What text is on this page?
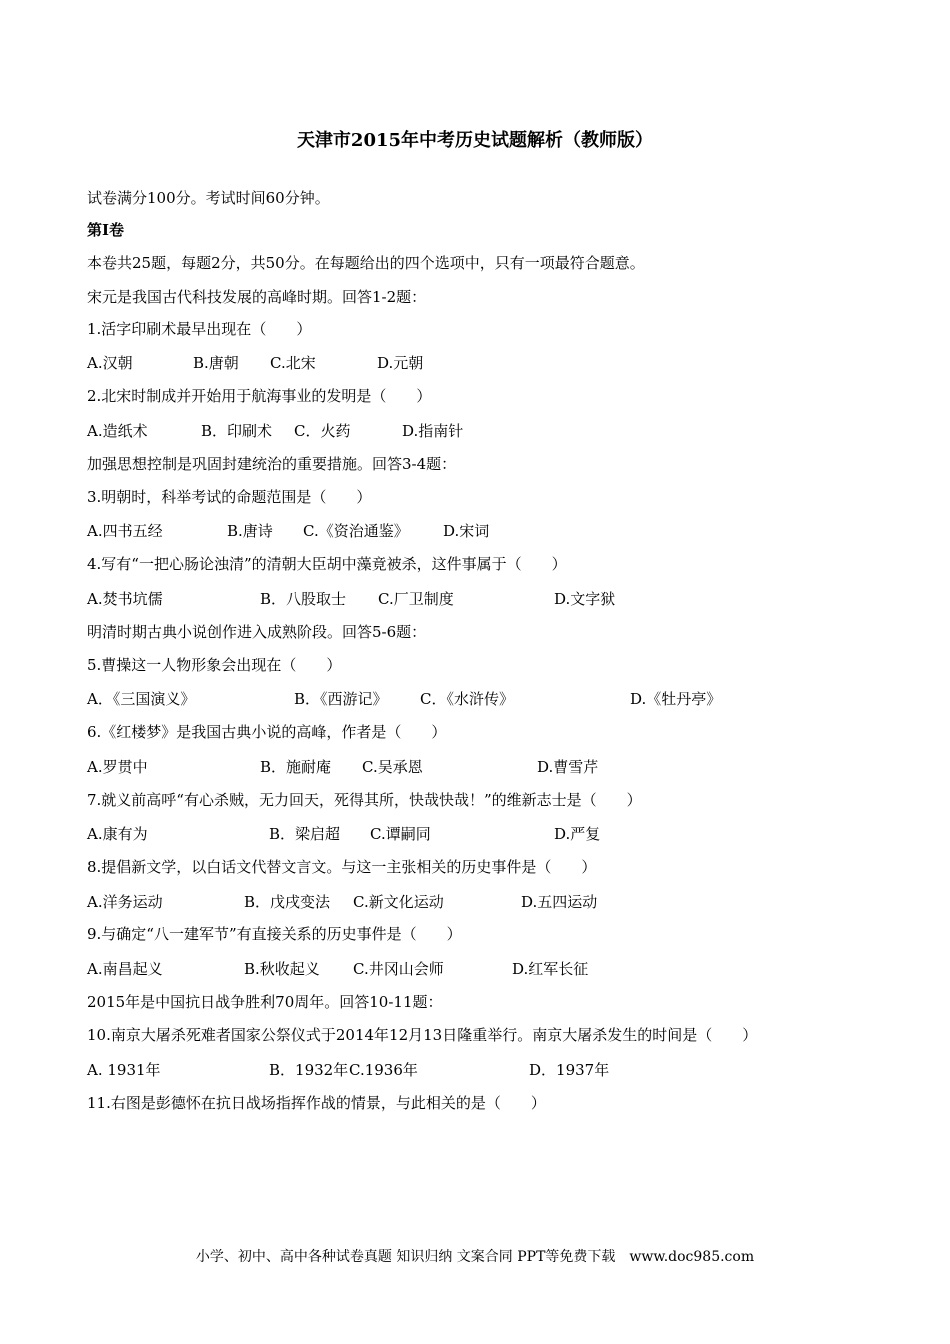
天津市2015年中考历史试题解析（教师版）
试卷满分100分。考试时间60分钟。
第Ⅰ卷
本卷共25题，每题2分，共50分。在每题给出的四个选项中，只有一项最符合题意。
宋元是我国古代科技发展的高峰时期。回答1-2题：
1.活字印刷术最早出现在（　　）
A.汉朝	B.唐朝 C.北宋	D.元朝
2.北宋时制成并开始用于航海事业的发明是（　　）
A.造纸术	B．印刷术 C．火药	D.指南针
加强思想控制是巩固封建统治的重要措施。回答3-4题：
3.明朝时，科举考试的命题范围是（　　）
A.四书五经	B.唐诗 C.《资治通鉴》 D.宋词
4.写有“一把心肠论浊清”的清朝大臣胡中藻竟被杀，这件事属于（　　）
A.焚书坑儒	B．八股取士 C.厂卫制度	D.文字狱
明清时期古典小说创作进入成熟阶段。回答5-6题：
5.曹操这一人物形象会出现在（　　）
A．《三国演义》	B．《西游记》 C．《水浒传》	D.《牡丹亭》
6.《红楼梦》是我国古典小说的高峰，作者是（　　）
A.罗贯中	B．施耐庵 C.吴承恩	D.曹雪芹
7.就义前高呼“有心杀贼，无力回天，死得其所，快哉快哉！”的维新志士是（　　）
A.康有为	B．梁启超 C.谭嗣同	D.严复
8.提倡新文学，以白话文代替文言文。与这一主张相关的历史事件是（　　）
A.洋务运动	B．戊戌变法 C.新文化运动	D.五四运动
9.与确定“八一建军节”有直接关系的历史事件是（　　）
A.南昌起义	B.秋收起义 C.井冈山会师	D.红军长征
2015年是中国抗日战争胜利70周年。回答10-11题：
10.南京大屠杀死难者国家公祭仪式于2014年12月13日隆重举行。南京大屠杀发生的时间是（　　）
A. 1931年	B．1932年 C.1936年	D．1937年
11.右图是彭德怀在抗日战场指挥作战的情景，与此相关的是（　　）
小学、初中、高中各种试卷真题 知识归纳 文案合同 PPT等免费下载　www.doc985.com
